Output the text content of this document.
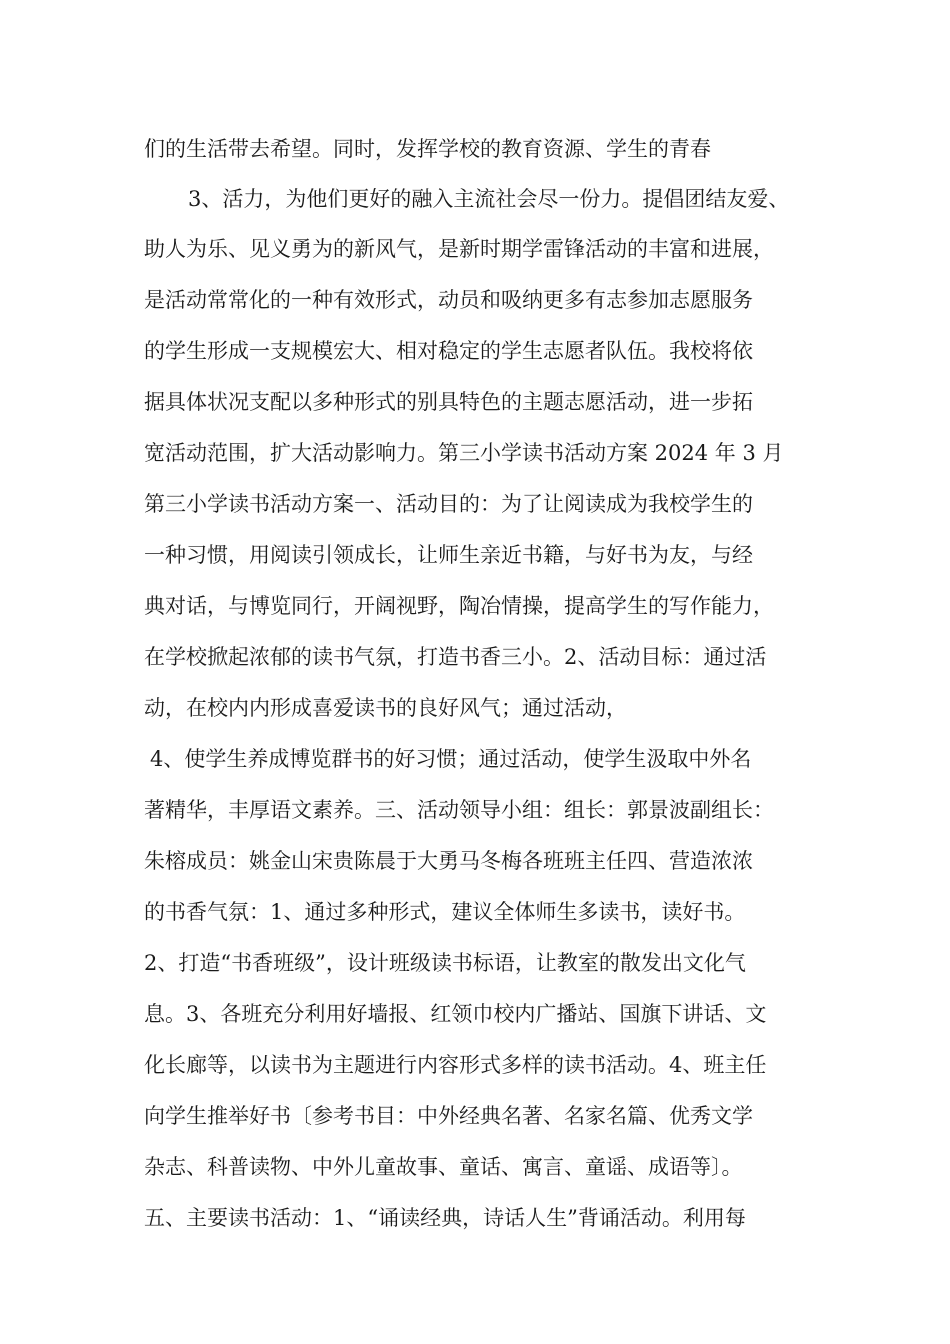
们的生活带去希望。同时，发挥学校的教育资源、学生的青春
3、活力，为他们更好的融入主流社会尽一份力。提倡团结友爱、
助人为乐、见义勇为的新风气，是新时期学雷锋活动的丰富和进展，
是活动常常化的一种有效形式，动员和吸纳更多有志参加志愿服务
的学生形成一支规模宏大、相对稳定的学生志愿者队伍。我校将依
据具体状况支配以多种形式的别具特色的主题志愿活动，进一步拓
宽活动范围，扩大活动影响力。第三小学读书活动方案 2024 年 3 月
第三小学读书活动方案一、活动目的：为了让阅读成为我校学生的
一种习惯，用阅读引领成长，让师生亲近书籍，与好书为友，与经
典对话，与博览同行，开阔视野，陶冶情操，提高学生的写作能力，
在学校掀起浓郁的读书气氛，打造书香三小。2、活动目标：通过活
动，在校内内形成喜爱读书的良好风气；通过活动，
4、使学生养成博览群书的好习惯；通过活动，使学生汲取中外名
著精华，丰厚语文素养。三、活动领导小组：组长：郭景波副组长：
朱榕成员：姚金山宋贵陈晨于大勇马冬梅各班班主任四、营造浓浓
的书香气氛：1、通过多种形式，建议全体师生多读书，读好书。
2、打造“书香班级”，设计班级读书标语，让教室的散发出文化气
息。3、各班充分利用好墙报、红领巾校内广播站、国旗下讲话、文
化长廊等，以读书为主题进行内容形式多样的读书活动。4、班主任
向学生推举好书〔参考书目：中外经典名著、名家名篇、优秀文学
杂志、科普读物、中外儿童故事、童话、寓言、童谣、成语等〕。
五、主要读书活动：1、“诵读经典，诗话人生”背诵活动。利用每
